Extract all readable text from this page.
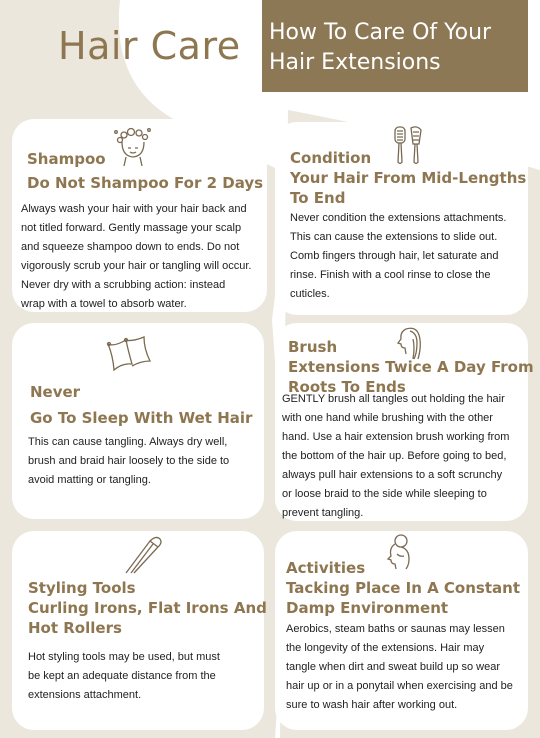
Hair Care How To Care Of Your
Hair Extensions
Shampoo
Do Not Shampoo For 2 Days
Always wash your hair with your hair back and
not titled forward. Gently massage your scalp
and squeeze shampoo down to ends. Do not
vigorously scrub your hair or tangling will occur.
Never dry with a scrubbing action: instead
wrap with a towel to absorb water.
Condition
Your Hair From Mid-Lengths
To End
Never condition the extensions attachments.
This can cause the extensions to slide out.
Comb fingers through hair, let saturate and
rinse. Finish with a cool rinse to close the
cuticles.
Never
Go To Sleep With Wet Hair
This can cause tangling. Always dry well,
brush and braid hair loosely to the side to
avoid matting or tangling.
Brush
Extensions Twice A Day From
Roots To Ends
GENTLY brush all tangles out holding the hair
with one hand while brushing with the other
hand. Use a hair extension brush working from
the bottom of the hair up. Before going to bed,
always pull hair extensions to a soft scrunchy
or loose braid to the side while sleeping to
prevent tangling.
Styling Tools
Curling Irons, Flat Irons And
Hot Rollers
Hot styling tools may be used, but must
be kept an adequate distance from the
extensions attachment.
Activities
Tacking Place In A Constant
Damp Environment
Aerobics, steam baths or saunas may lessen
the longevity of the extensions. Hair may
tangle when dirt and sweat build up so wear
hair up or in a ponytail when exercising and be
sure to wash hair after working out.
